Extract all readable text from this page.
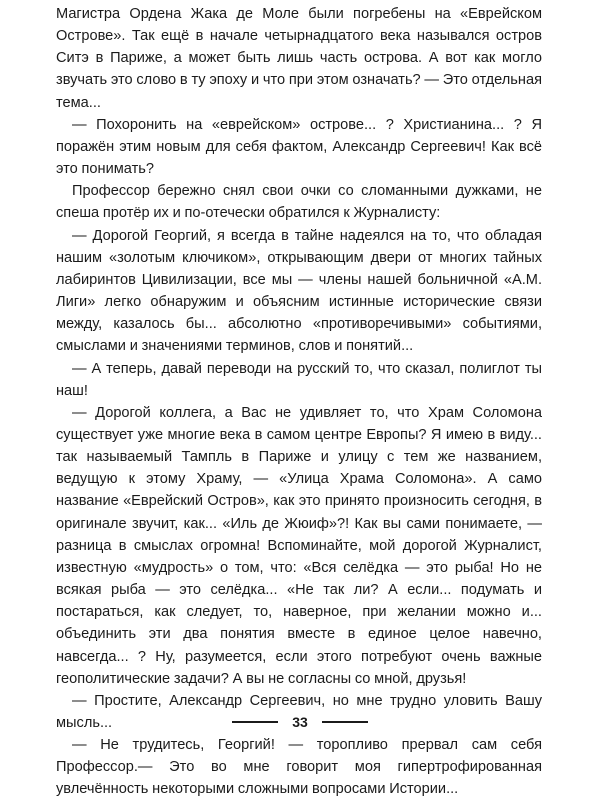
Магистра Ордена Жака де Моле были погребены на «Еврейском Острове». Так ещё в начале четырнадцатого века назывался остров Ситэ в Париже, а может быть лишь часть острова. А вот как могло звучать это слово в ту эпоху и что при этом означать? — Это отдельная тема...

— Похоронить на «еврейском» острове... ? Христианина... ? Я поражён этим новым для себя фактом, Александр Сергеевич! Как всё это понимать?

Профессор бережно снял свои очки со сломанными дужками, не спеша протёр их и по-отечески обратился к Журналисту:

— Дорогой Георгий, я всегда в тайне надеялся на то, что обладая нашим «золотым ключиком», открывающим двери от многих тайных лабиринтов Цивилизации, все мы — члены нашей больничной «А.М. Лиги» легко обнаружим и объясним истинные исторические связи между, казалось бы... абсолютно «противоречивыми» событиями, смыслами и значениями терминов, слов и понятий...

— А теперь, давай переводи на русский то, что сказал, полиглот ты наш!

— Дорогой коллега, а Вас не удивляет то, что Храм Соломона существует уже многие века в самом центре Европы? Я имею в виду... так называемый Тампль в Париже и улицу с тем же названием, ведущую к этому Храму, — «Улица Храма Соломона». А само название «Еврейский Остров», как это принято произносить сегодня, в оригинале звучит, как... «Иль де Жюиф»?! Как вы сами понимаете, — разница в смыслах огромна! Вспоминайте, мой дорогой Журналист, известную «мудрость» о том, что: «Вся селёдка — это рыба! Но не всякая рыба — это селёдка... «Не так ли? А если... подумать и постараться, как следует, то, наверное, при желании можно и... объединить эти два понятия вместе в единое целое навечно, навсегда... ? Ну, разумеется, если этого потребуют очень важные геополитические задачи? А вы не согласны со мной, друзья!

— Простите, Александр Сергеевич, но мне трудно уловить Вашу мысль...

— Не трудитесь, Георгий! — торопливо прервал сам себя Профессор.— Это во мне говорит моя гипертрофированная увлечённость некоторыми сложными вопросами Истории...

33
